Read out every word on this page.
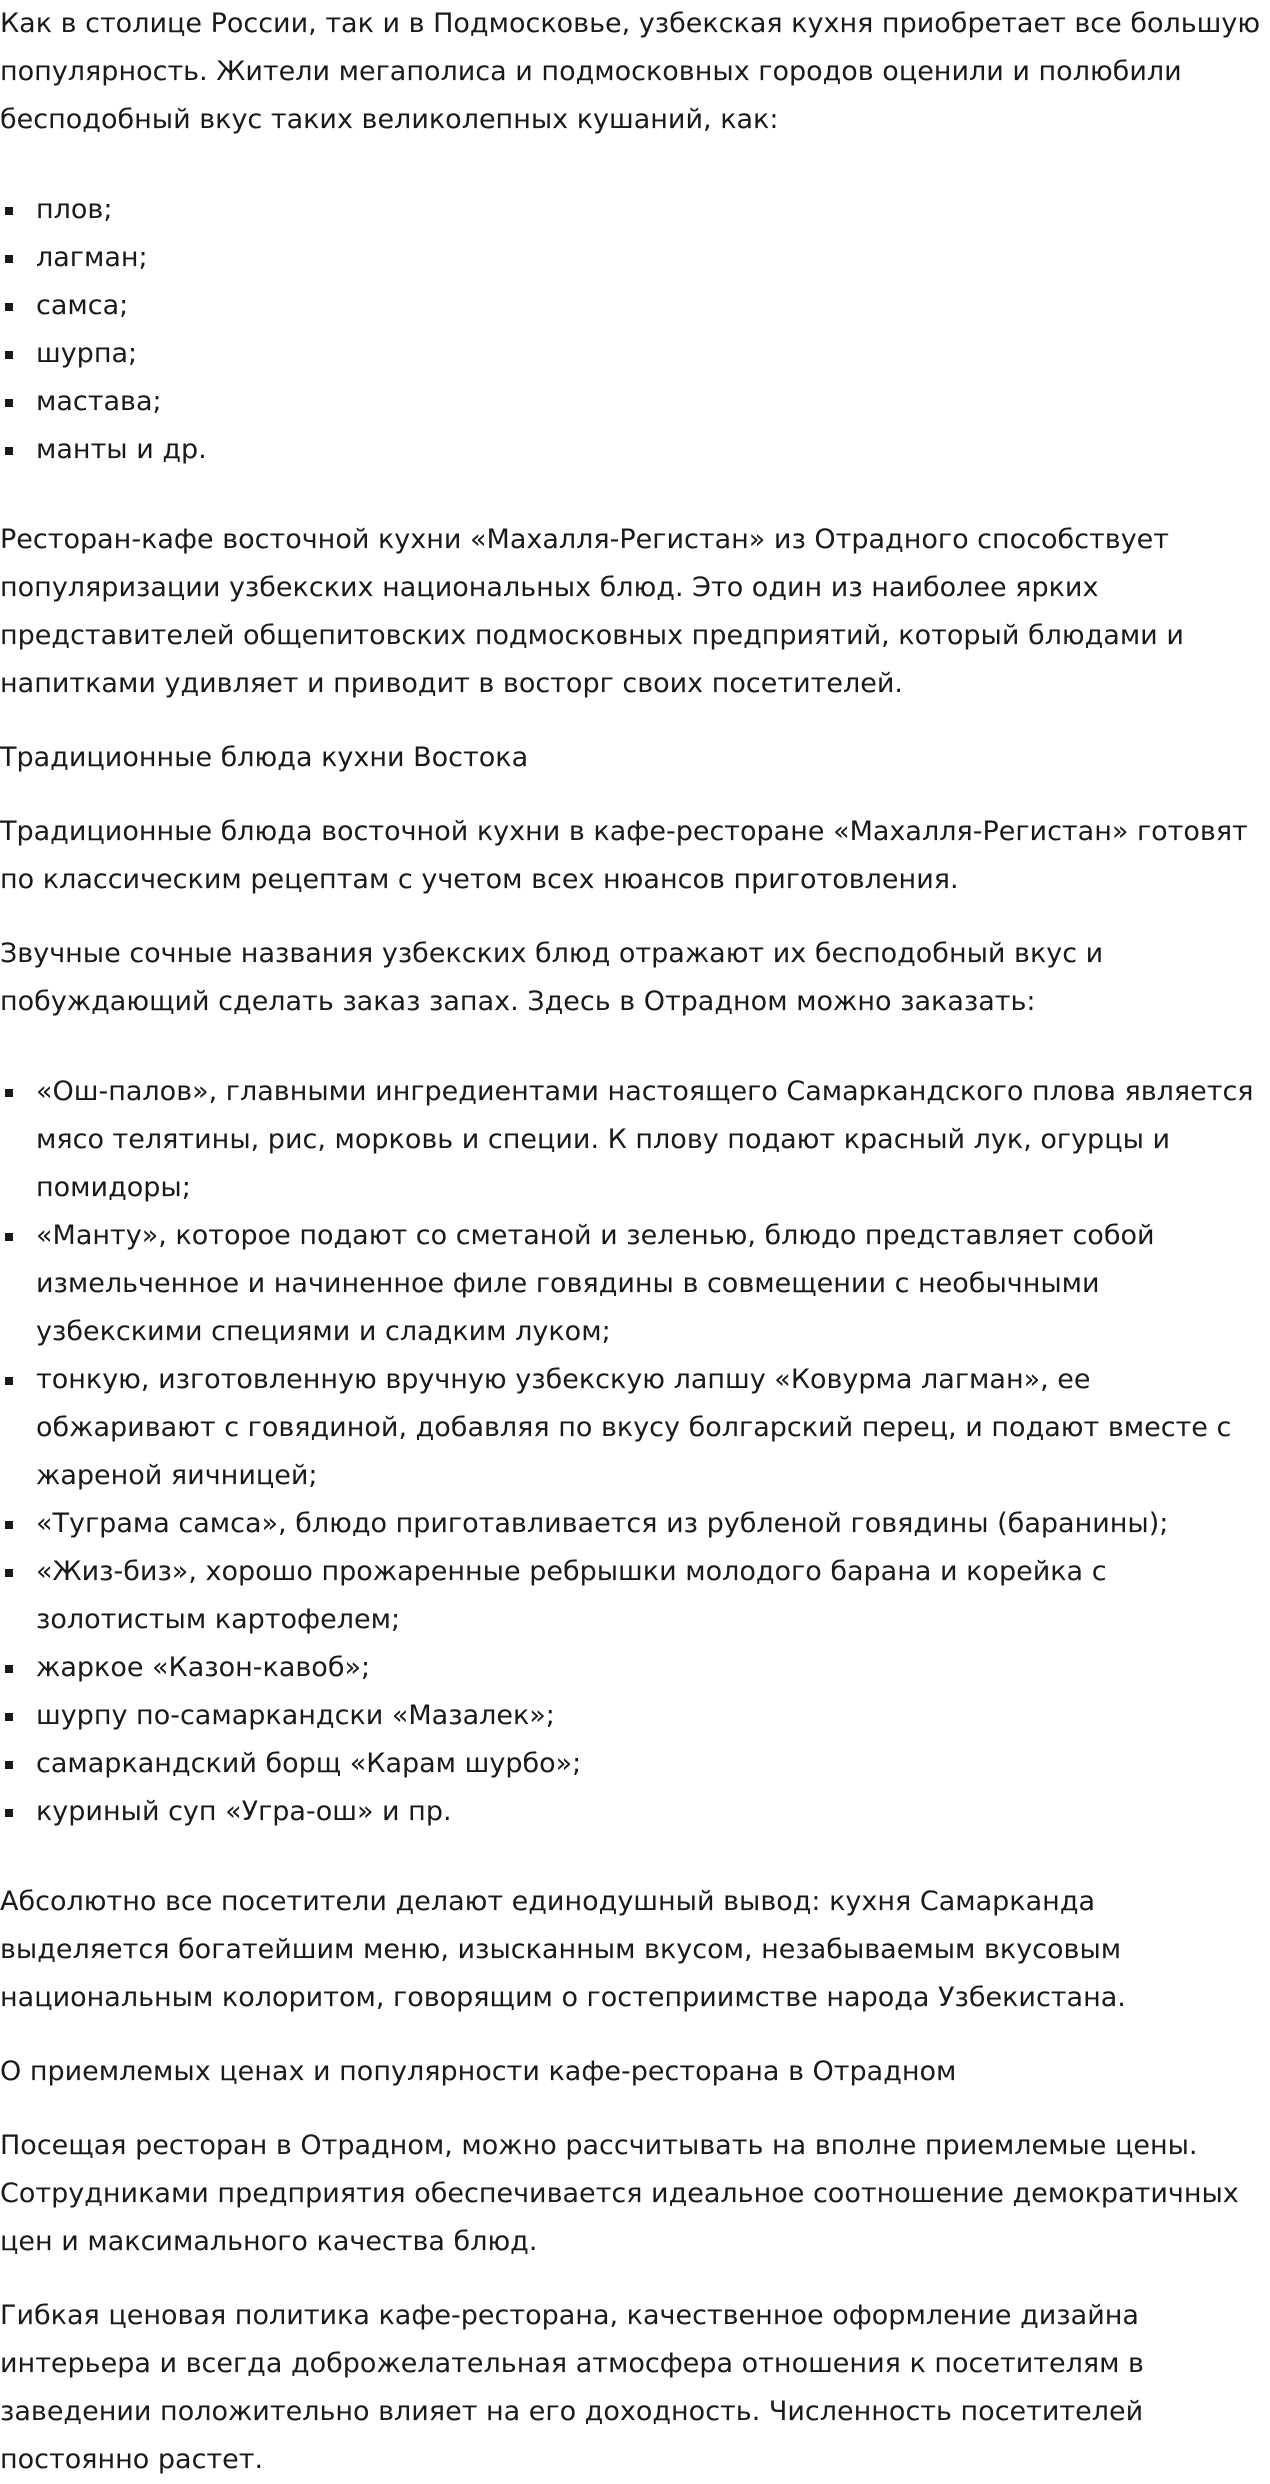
Как в столице России, так и в Подмосковье, узбекская кухня приобретает все большую популярность. Жители мегаполиса и подмосковных городов оценили и полюбили бесподобный вкус таких великолепных кушаний, как:

плов;
лагман;
самса;
шурпа;
мастава;
манты и др.

Ресторан-кафе восточной кухни «Махалля-Регистан» из Отрадного способствует популяризации узбекских национальных блюд. Это один из наиболее ярких представителей общепитовских подмосковных предприятий, который блюдами и напитками удивляет и приводит в восторг своих посетителей.

Традиционные блюда кухни Востока

Традиционные блюда восточной кухни в кафе-ресторане «Махалля-Регистан» готовят по классическим рецептам с учетом всех нюансов приготовления.

Звучные сочные названия узбекских блюд отражают их бесподобный вкус и побуждающий сделать заказ запах. Здесь в Отрадном можно заказать:

«Ош-палов», главными ингредиентами настоящего Самаркандского плова является мясо телятины, рис, морковь и специи. К плову подают красный лук, огурцы и помидоры;
«Манту», которое подают со сметаной и зеленью, блюдо представляет собой измельченное и начиненное филе говядины в совмещении с необычными узбекскими специями и сладким луком;
тонкую, изготовленную вручную узбекскую лапшу «Ковурма лагман», ее обжаривают с говядиной, добавляя по вкусу болгарский перец, и подают вместе с жареной яичницей;
«Туграма самса», блюдо приготавливается из рубленой говядины (баранины);
«Жиз-биз», хорошо прожаренные ребрышки молодого барана и корейка с золотистым картофелем;
жаркое «Казон-кавоб»;
шурпу по-самаркандски «Мазалек»;
самаркандский борщ «Карам шурбо»;
куриный суп «Угра-ош» и пр.

Абсолютно все посетители делают единодушный вывод: кухня Самарканда выделяется богатейшим меню, изысканным вкусом, незабываемым вкусовым национальным колоритом, говорящим о гостеприимстве народа Узбекистана.

О приемлемых ценах и популярности кафе-ресторана в Отрадном

Посещая ресторан в Отрадном, можно рассчитывать на вполне приемлемые цены. Сотрудниками предприятия обеспечивается идеальное соотношение демократичных цен и максимального качества блюд.

Гибкая ценовая политика кафе-ресторана, качественное оформление дизайна интерьера и всегда доброжелательная атмосфера отношения к посетителям в заведении положительно влияет на его доходность. Численность посетителей постоянно растет.
